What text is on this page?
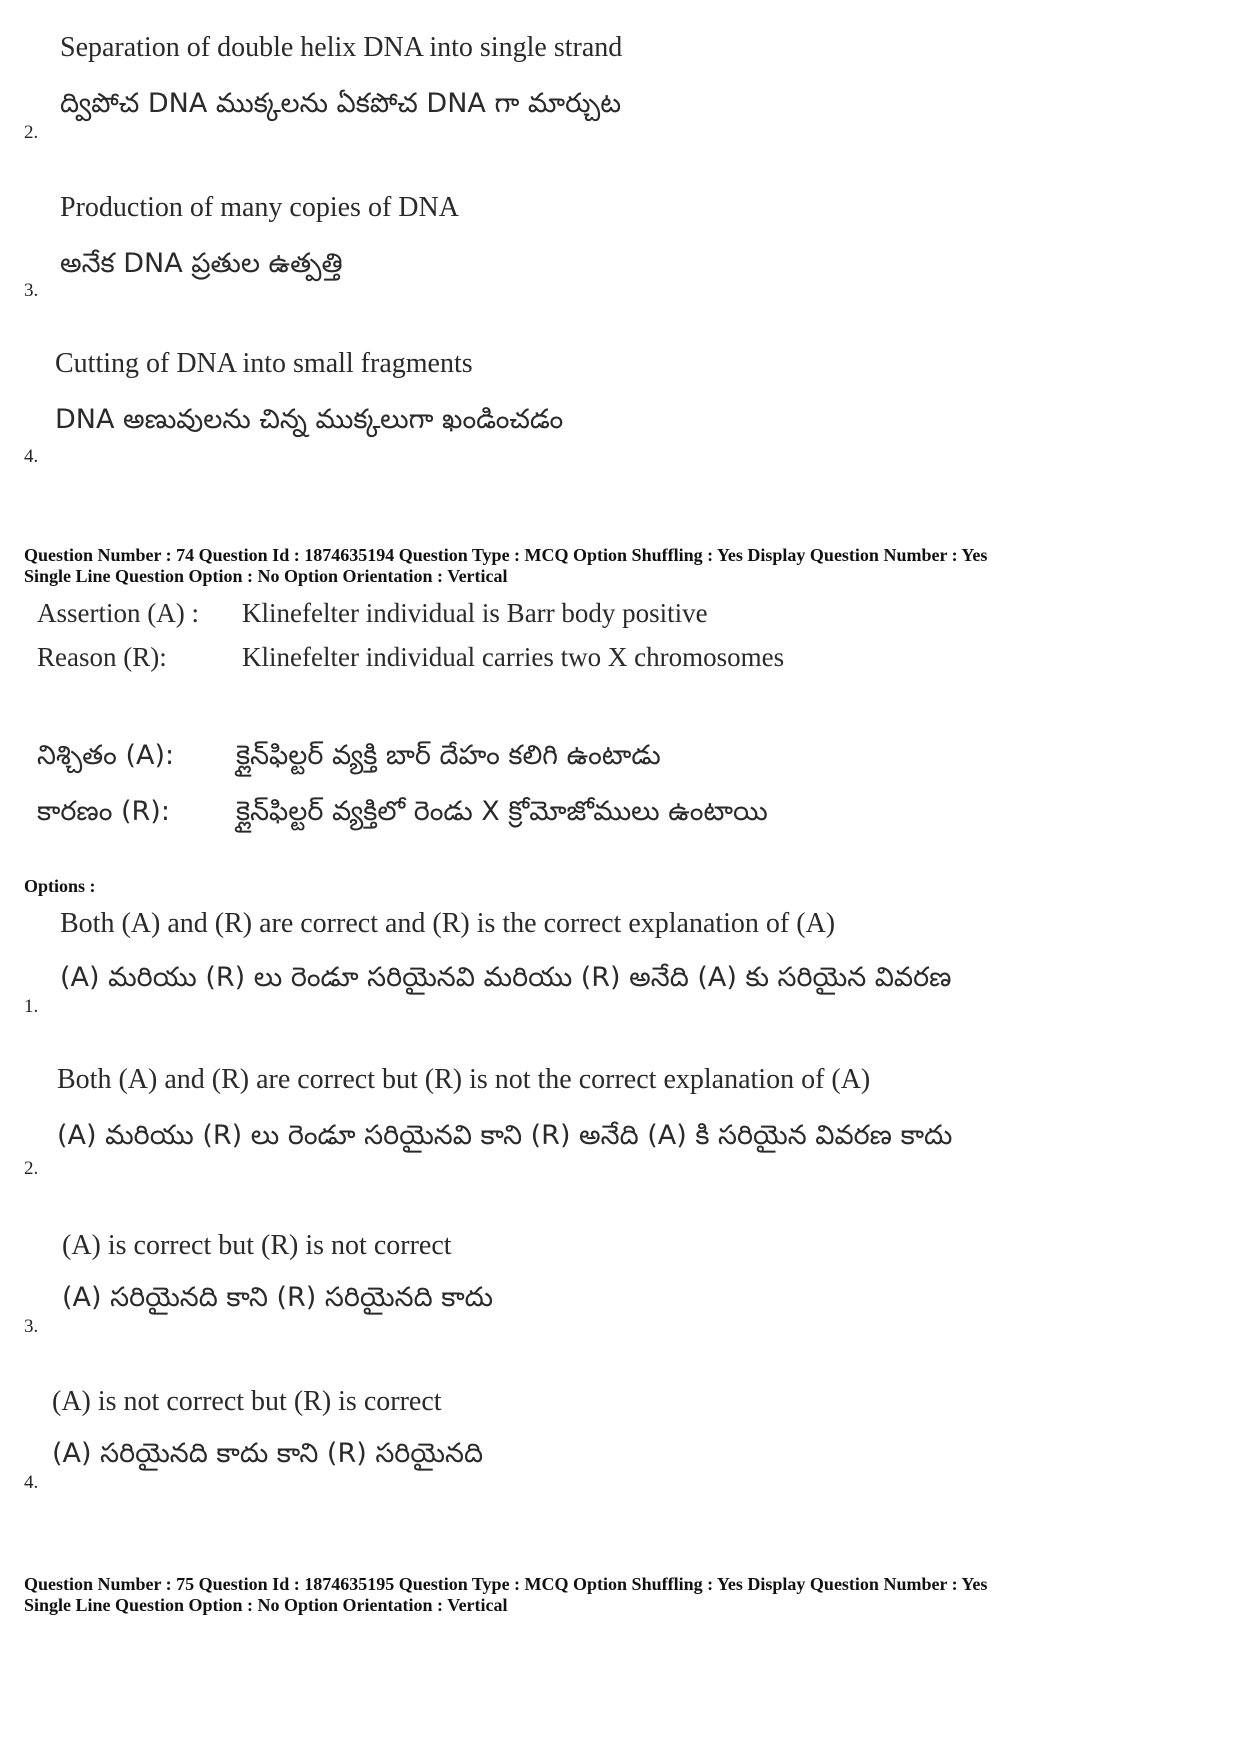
Separation of double helix DNA into single strand
ద్విపోచ DNA ముక్కలను ఏకపోచ DNA గా మార్చుట
2.
Production of many copies of DNA
అనేక DNA ప్రతుల ఉత్పత్తి
3.
Cutting of DNA into small fragments
DNA అణువులను చిన్న ముక్కలుగా ఖండించడం
4.
Question Number : 74 Question Id : 1874635194 Question Type : MCQ Option Shuffling : Yes Display Question Number : Yes
Single Line Question Option : No Option Orientation : Vertical
Assertion (A) : Klinefelter individual is Barr body positive
Reason (R):	Klinefelter individual carries two X chromosomes
నిశ్చితం (A): క్లైన్‌ఫిల్టర్ వ్యక్తి బార్ దేహం కలిగి ఉంటాడు
కారణం (R): క్లైన్‌ఫిల్టర్ వ్యక్తిలో రెండు X క్రోమోజోములు ఉంటాయి
Options :
Both (A) and (R) are correct and (R) is the correct explanation of (A)
(A) మరియు (R) లు రెండూ సరియైనవి మరియు (R) అనేది (A) కు సరియైన వివరణ
1.
Both (A) and (R) are correct but (R) is not the correct explanation of (A)
(A) మరియు (R) లు రెండూ సరియైనవి కాని (R) అనేది (A) కి సరియైన వివరణ కాదు
2.
(A) is correct but (R) is not correct
(A) సరియైనది కాని (R) సరియైనది కాదు
3.
(A) is not correct but (R) is correct
(A) సరియైనది కాదు కాని (R) సరియైనది
4.
Question Number : 75 Question Id : 1874635195 Question Type : MCQ Option Shuffling : Yes Display Question Number : Yes
Single Line Question Option : No Option Orientation : Vertical
